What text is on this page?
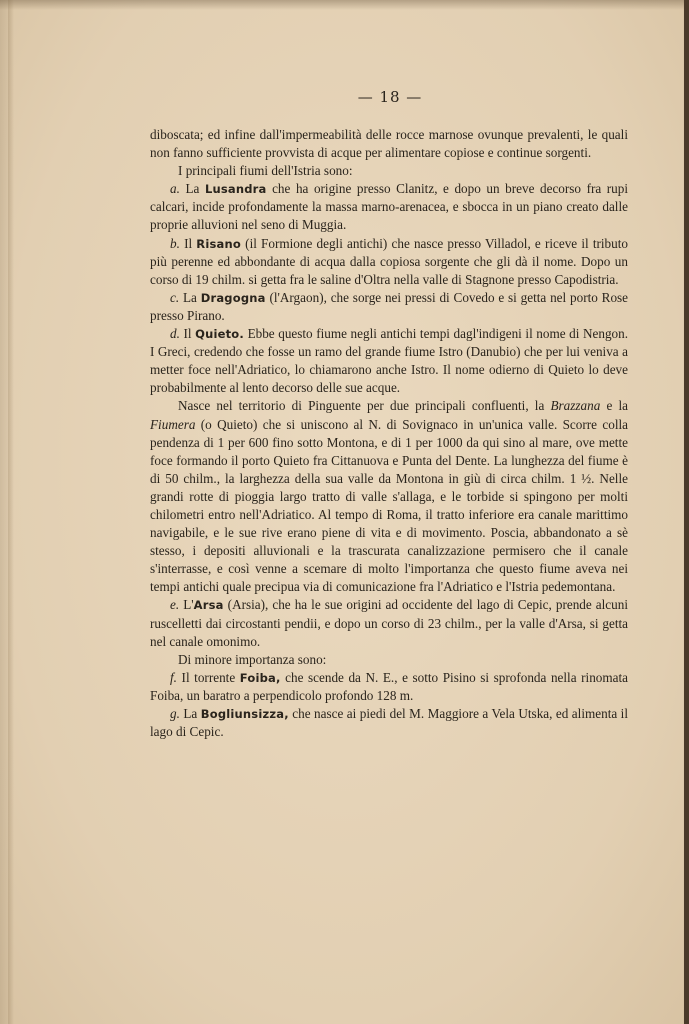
— 18 —

diboscata; ed infine dall'impermeabilità delle rocce marnose ovunque prevalenti, le quali non fanno sufficiente provvista di acque per alimentare copiose e continue sorgenti.

I principali fiumi dell'Istria sono:

a. La Lusandra che ha origine presso Clanitz, e dopo un breve decorso fra rupi calcari, incide profondamente la massa marno-arenacea, e sbocca in un piano creato dalle proprie alluvioni nel seno di Muggia.

b. Il Risano (il Formione degli antichi) che nasce presso Villadol, e riceve il tributo più perenne ed abbondante di acqua dalla copiosa sorgente che gli dà il nome. Dopo un corso di 19 chilm. si getta fra le saline d'Oltra nella valle di Stagnone presso Capodistria.

c. La Dragogna (l'Argaon), che sorge nei pressi di Covedo e si getta nel porto Rose presso Pirano.

d. Il Quieto. Ebbe questo fiume negli antichi tempi dagl'indigeni il nome di Nengon. I Greci, credendo che fosse un ramo del grande fiume Istro (Danubio) che per lui veniva a metter foce nell'Adriatico, lo chiamarono anche Istro. Il nome odierno di Quieto lo deve probabilmente al lento decorso delle sue acque.

Nasce nel territorio di Pinguente per due principali confluenti, la Brazzana e la Fiumera (o Quieto) che si uniscono al N. di Sovignaco in un'unica valle. Scorre colla pendenza di 1 per 600 fino sotto Montona, e di 1 per 1000 da qui sino al mare, ove mette foce formando il porto Quieto fra Cittanuova e Punta del Dente. La lunghezza del fiume è di 50 chilm., la larghezza della sua valle da Montona in giù di circa chilm. 1 ½. Nelle grandi rotte di pioggia largo tratto di valle s'allaga, e le torbide si spingono per molti chilometri entro nell'Adriatico. Al tempo di Roma, il tratto inferiore era canale marittimo navigabile, e le sue rive erano piene di vita e di movimento. Poscia, abbandonato a sè stesso, i depositi alluvionali e la trascurata canalizzazione permisero che il canale s'interrasse, e così venne a scemare di molto l'importanza che questo fiume aveva nei tempi antichi quale precipua via di comunicazione fra l'Adriatico e l'Istria pedemontana.

e. L'Arsa (Arsia), che ha le sue origini ad occidente del lago di Cepic, prende alcuni ruscelletti dai circostanti pendii, e dopo un corso di 23 chilm., per la valle d'Arsa, si getta nel canale omonimo.

Di minore importanza sono:

f. Il torrente Foiba, che scende da N. E., e sotto Pisino si sprofonda nella rinomata Foiba, un baratro a perpendicolo profondo 128 m.

g. La Bogliunsizza, che nasce ai piedi del M. Maggiore a Vela Utska, ed alimenta il lago di Cepic.
